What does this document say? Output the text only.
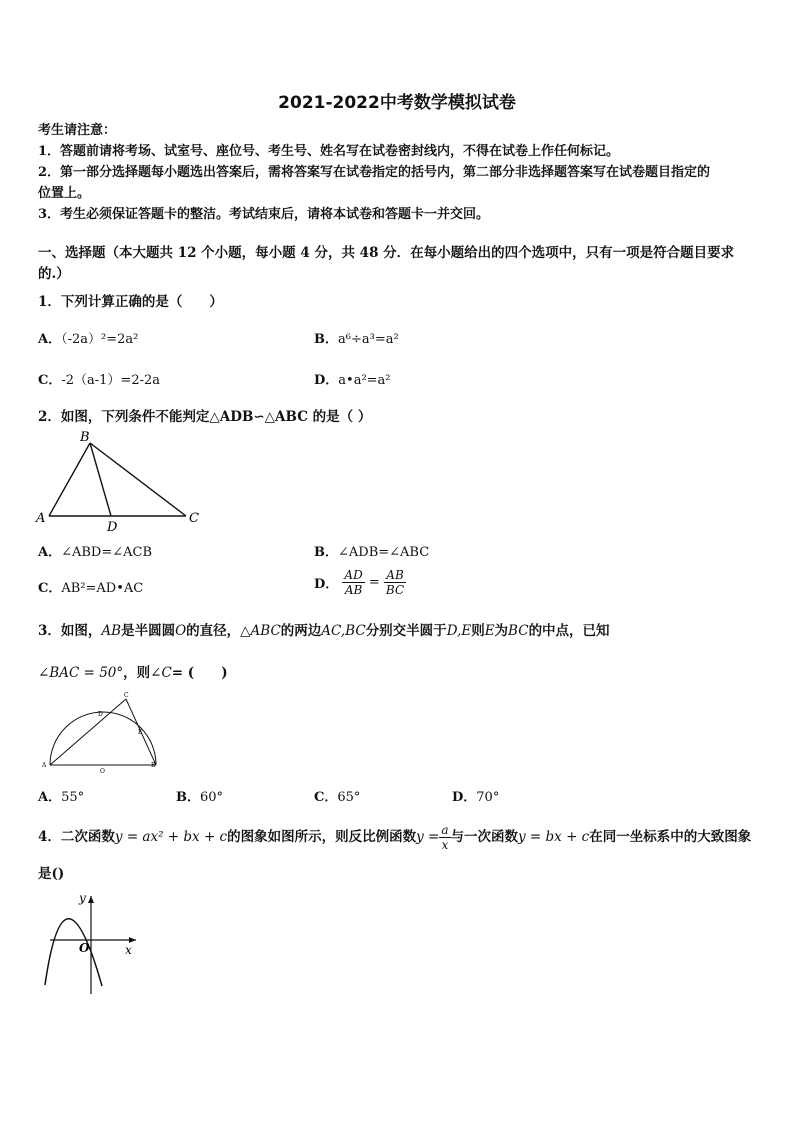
2021-2022中考数学模拟试卷
考生请注意：
1．答题前请将考场、试室号、座位号、考生号、姓名写在试卷密封线内，不得在试卷上作任何标记。
2．第一部分选择题每小题选出答案后，需将答案写在试卷指定的括号内，第二部分非选择题答案写在试卷题目指定的
位置上。
3．考生必须保证答题卡的整洁。考试结束后，请将本试卷和答题卡一并交回。
一、选择题（本大题共 12 个小题，每小题 4 分，共 48 分．在每小题给出的四个选项中，只有一项是符合题目要求
的.）
1．下列计算正确的是（　　）
A．（-2a）²=2a²	B．a⁶÷a³=a²
C．-2（a-1）=2-2a	D．a•a²=a²
2．如图，下列条件不能判定△ADB∽△ABC 的是（ ）
A
B
C
D
A．∠ABD=∠ACB	B．∠ADB=∠ABC
C．AB²=AD•AC	D． $\frac{AD}{AB} = \frac{AB}{BC}$
3．如图，AB是半圆圆O的直径，△ABC的两边AC,BC分别交半圆于D,E则E为BC的中点，已知
∠BAC = 50°，则∠C= (　　)
A
O
B
D
E
C
A．55°	B．60°	C．65°	D．70°
4．二次函数y = ax² + bx + c的图象如图所示，则反比例函数$y = \frac{a}{x}$ 与一次函数y = bx + c在同一坐标系中的大致图象
是()
y
x
O
